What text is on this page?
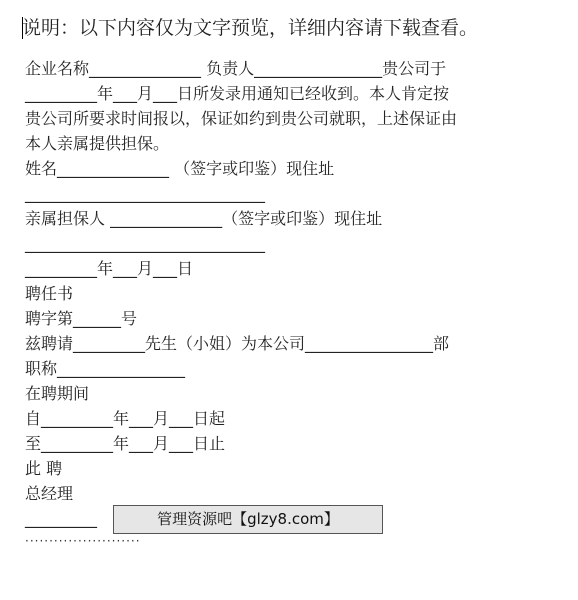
说明：以下内容仅为文字预览，详细内容请下载查看。
企业名称______________ 负责人________________贵公司于
_________年___月___日所发录用通知已经收到。本人肯定按
贵公司所要求时间报以，保证如约到贵公司就职，上述保证由
本人亲属提供担保。
姓名______________ （签字或印鉴）现住址
______________________________
亲属担保人 ______________（签字或印鉴）现住址
______________________________
_________年___月___日
聘任书
聘字第______号
兹聘请_________先生（小姐）为本公司________________部
职称________________
在聘期间
自_________年___月___日起
至_________年___月___日止
此 聘
总经理
_________	管理资源吧【glzy8.com】
························
